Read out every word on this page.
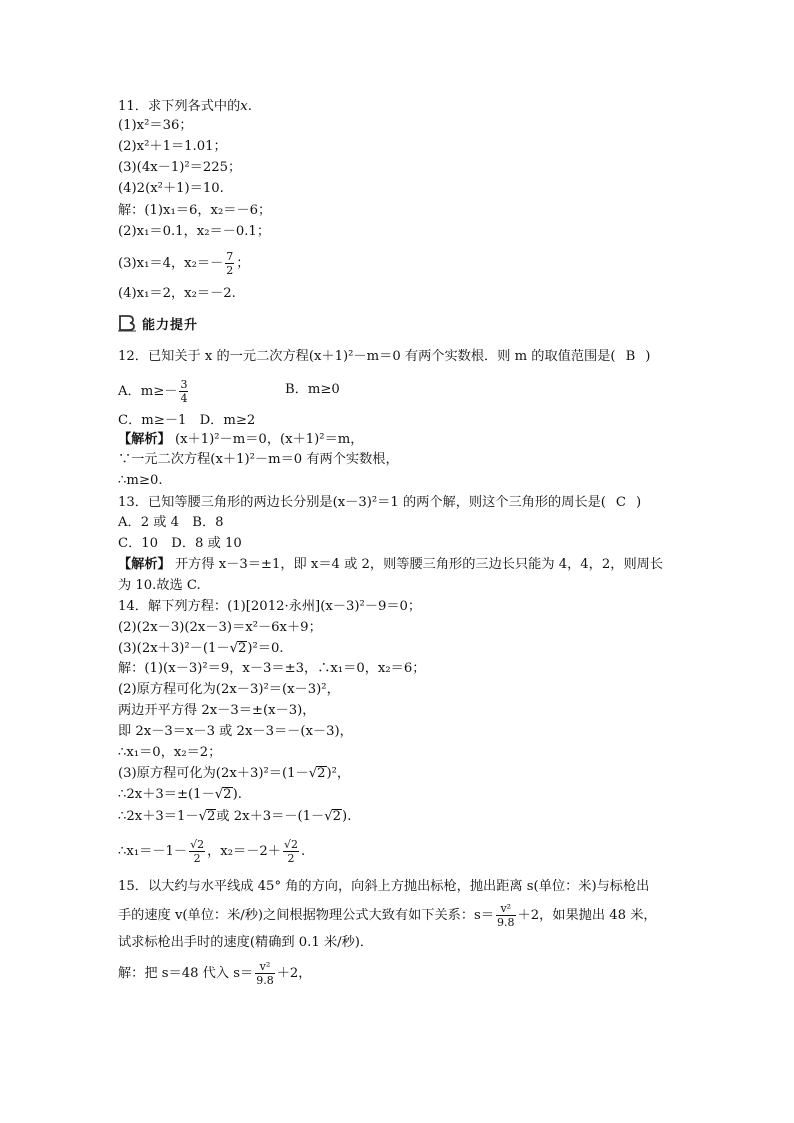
11．求下列各式中的x.
(1)x²＝36；
(2)x²＋1＝1.01；
(3)(4x－1)²＝225；
(4)2(x²＋1)＝10.
解：(1)x₁＝6，x₂＝－6；
(2)x₁＝0.1，x₂＝－0.1；
(3)x₁＝4，$x_2=- \frac{7}{2}$ ；
(4)x₁＝2，x₂＝－2.
能力提升
12．已知关于 x 的一元二次方程(x＋1)²－m＝0 有两个实数根．则 m 的取值范围是( B )
A．$m\ge- \frac{3}{4}$	B．m≥0
C．m≥－1　D．m≥2
【解析】 (x＋1)²－m＝0，(x＋1)²＝m，
∵一元二次方程(x＋1)²－m＝0 有两个实数根，
∴m≥0.
13．已知等腰三角形的两边长分别是(x－3)²＝1 的两个解，则这个三角形的周长是( C )
A．2 或 4　B．8
C．10　D．8 或 10
【解析】 开方得 x－3＝±1，即 x＝4 或 2，则等腰三角形的三边长只能为 4，4，2，则周长
为 10.故选 C.
14．解下列方程：(1)[2012·永州](x－3)²－9＝0；
(2)(2x－3)(2x－3)＝x²－6x＋9；
(3)(2x＋3)²－(1－√2)²＝0.
解：(1)(x－3)²＝9，x－3＝±3，∴x₁＝0，x₂＝6；
(2)原方程可化为(2x－3)²＝(x－3)²，
两边开平方得 2x－3＝±(x－3)，
即 2x－3＝x－3 或 2x－3＝－(x－3)，
∴x₁＝0，x₂＝2；
(3)原方程可化为(2x＋3)²＝(1－√2)²，
∴2x＋3＝±(1－√2).
∴2x＋3＝1－√2或 2x＋3＝－(1－√2).
∴x₁＝－1－ $\frac{√2}{2}$ ，$x_2=-2+ \frac{√2}{2}$ .
15．以大约与水平线成 45° 角的方向，向斜上方抛出标枪，抛出距离 s(单位：米)与标枪出
手的速度 v(单位：米/秒)之间根据物理公式大致有如下关系：$s= \frac{\text{v²}}{9.8} +2$，如果抛出 48 米，
试求标枪出手时的速度(精确到 0.1 米/秒)．
解：把 s＝48 代入 $s= \frac{\text{v²}}{9.8} +2$，
